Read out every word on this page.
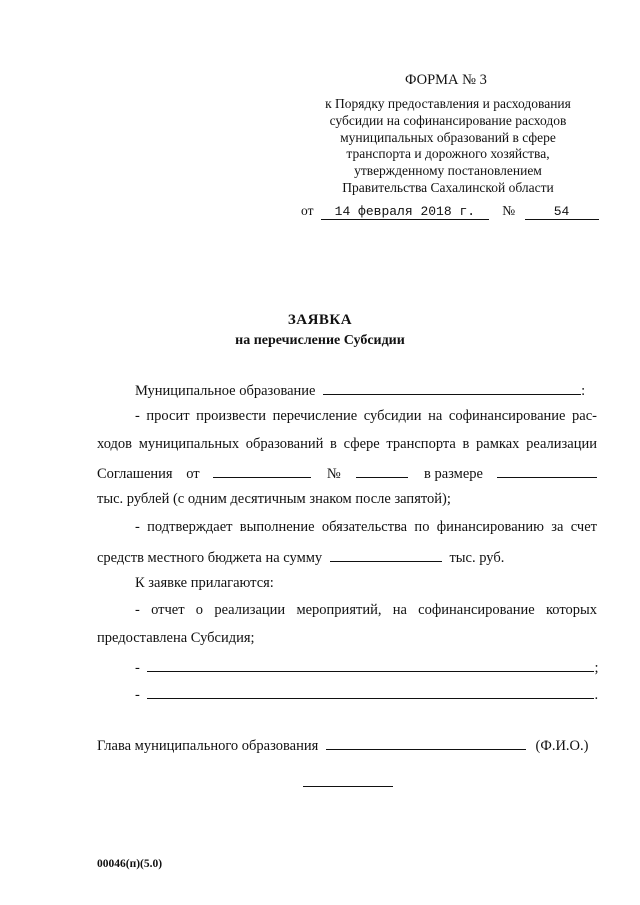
ФОРМА № 3
к Порядку предоставления и расходования
субсидии на софинансирование расходов
муниципальных образований в сфере
транспорта и дорожного хозяйства,
утвержденному постановлением
Правительства Сахалинской области
от 14 февраля 2018 г. №	54
ЗАЯВКА
на перечисление Субсидии
Муниципальное образование	:
- просит произвести перечисление субсидии на софинансирование рас-
ходов муниципальных образований в сфере транспорта в рамках реализации
Соглашения от	№	в размере
тыс. рублей (с одним десятичным знаком после запятой);
- подтверждает выполнение обязательства по финансированию за счет
средств местного бюджета на сумму	тыс. руб.
К заявке прилагаются:
- отчет о реализации мероприятий, на софинансирование которых
предоставлена Субсидия;
-	;
-	.
Глава муниципального образования	(Ф.И.О.)
00046(п)(5.0)
